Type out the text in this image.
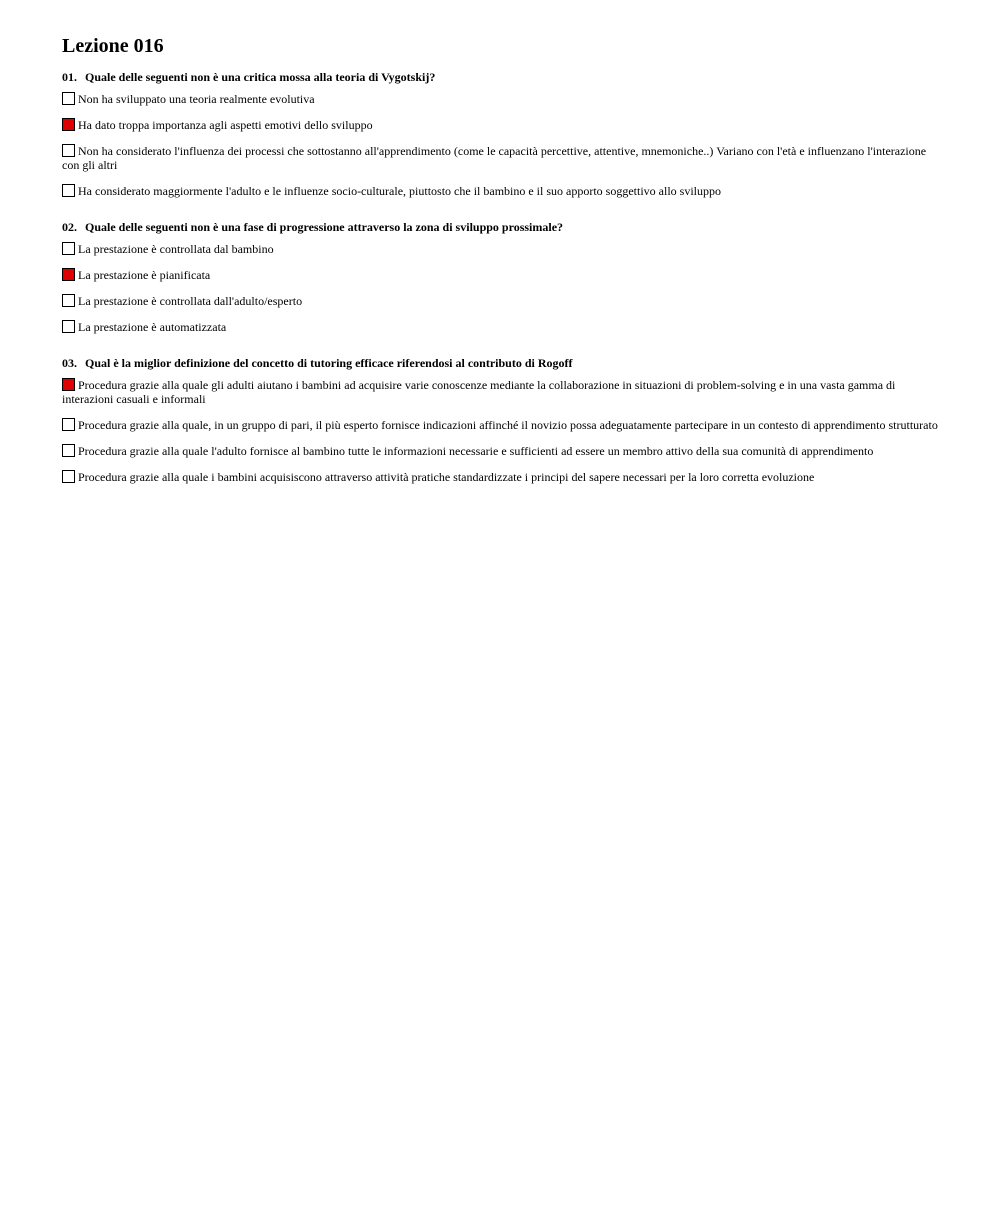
Lezione 016
01. Quale delle seguenti non è una critica mossa alla teoria di Vygotskij?
Non ha sviluppato una teoria realmente evolutiva
Ha dato troppa importanza agli aspetti emotivi dello sviluppo
Non ha considerato l'influenza dei processi che sottostanno all'apprendimento (come le capacità percettive, attentive, mnemoniche..) Variano con l'età e influenzano l'interazione con gli altri
Ha considerato maggiormente l'adulto e le influenze socio-culturale, piuttosto che il bambino e il suo apporto soggettivo allo sviluppo
02. Quale delle seguenti non è una fase di progressione attraverso la zona di sviluppo prossimale?
La prestazione è controllata dal bambino
La prestazione è pianificata
La prestazione è controllata dall'adulto/esperto
La prestazione è automatizzata
03. Qual è la miglior definizione del concetto di tutoring efficace riferendosi al contributo di Rogoff
Procedura grazie alla quale gli adulti aiutano i bambini ad acquisire varie conoscenze mediante la collaborazione in situazioni di problem-solving e in una vasta gamma di interazioni casuali e informali
Procedura grazie alla quale, in un gruppo di pari, il più esperto fornisce indicazioni affinché il novizio possa adeguatamente partecipare in un contesto di apprendimento strutturato
Procedura grazie alla quale l'adulto fornisce al bambino tutte le informazioni necessarie e sufficienti ad essere un membro attivo della sua comunità di apprendimento
Procedura grazie alla quale i bambini acquisiscono attraverso attività pratiche standardizzate i principi del sapere necessari per la loro corretta evoluzione
